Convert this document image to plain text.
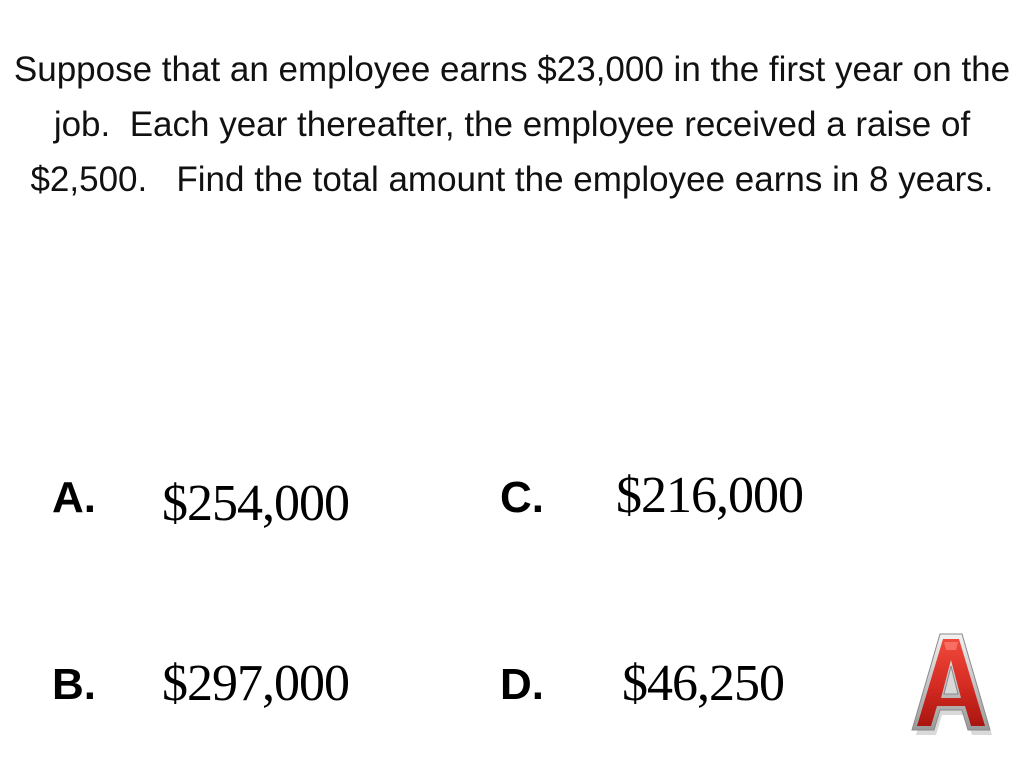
Suppose that an employee earns $23,000 in the first year on the job.  Each year thereafter, the employee received a raise of $2,500.   Find the total amount the employee earns in 8 years.

A. $254,000	C. $216,000
B. $297,000	D. $46,250
